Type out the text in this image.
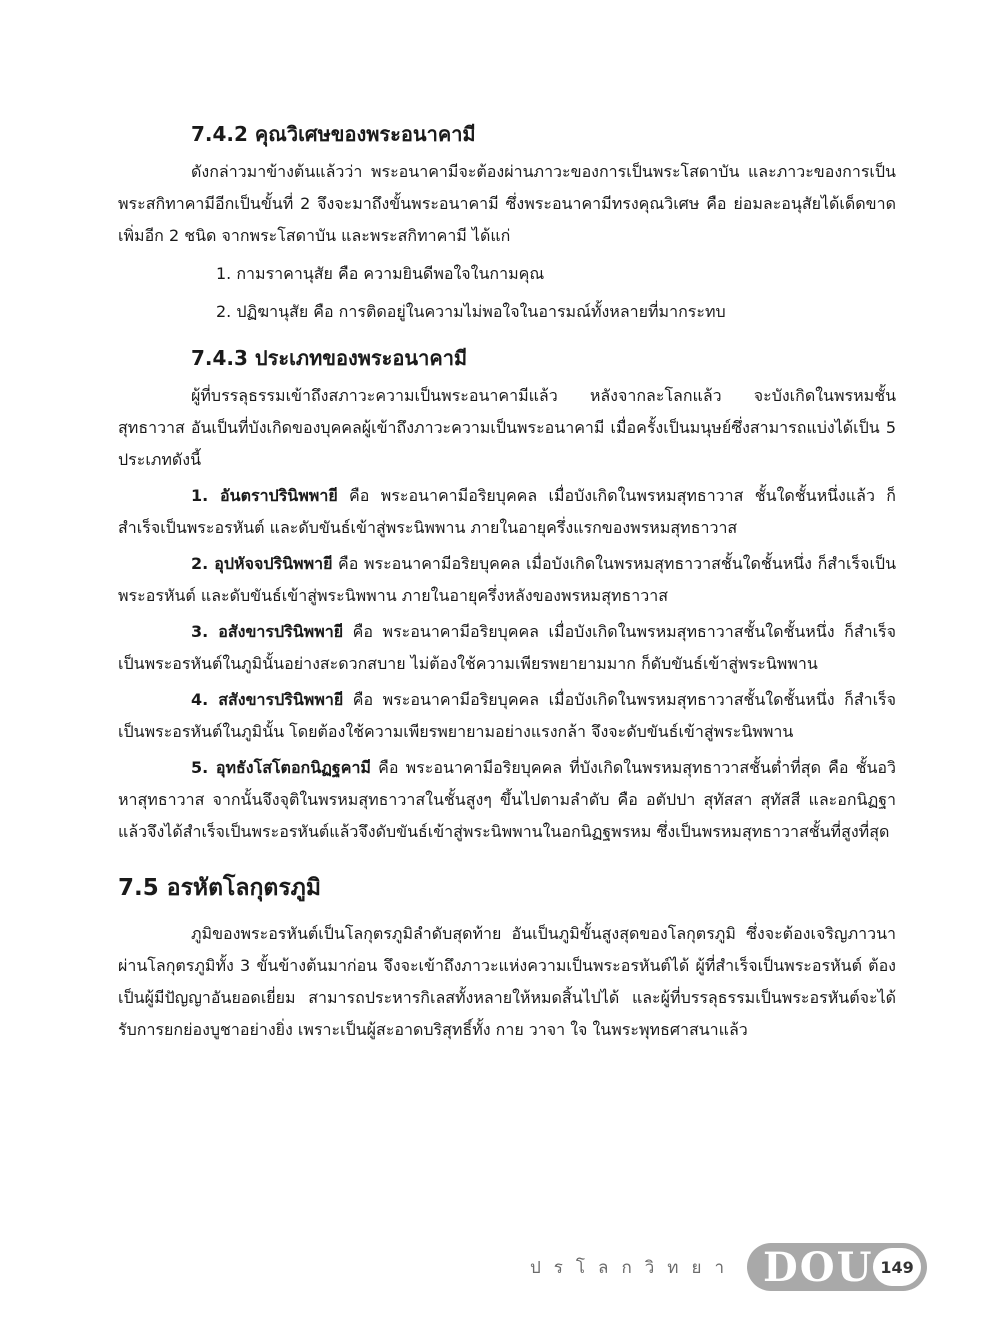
7.4.2 คุณวิเศษของพระอนาคามี

ดังกล่าวมาข้างต้นแล้วว่า พระอนาคามีจะต้องผ่านภาวะของการเป็นพระโสดาบัน และภาวะของการเป็นพระสกิทาคามีอีกเป็นขั้นที่ 2 จึงจะมาถึงขั้นพระอนาคามี ซึ่งพระอนาคามีทรงคุณวิเศษ คือ ย่อมละอนุสัยได้เด็ดขาดเพิ่มอีก 2 ชนิด จากพระโสดาบัน และพระสกิทาคามี ได้แก่

1. กามราคานุสัย คือ ความยินดีพอใจในกามคุณ

2. ปฏิฆานุสัย คือ การติดอยู่ในความไม่พอใจในอารมณ์ทั้งหลายที่มากระทบ

7.4.3 ประเภทของพระอนาคามี

ผู้ที่บรรลุธรรมเข้าถึงสภาวะความเป็นพระอนาคามีแล้ว หลังจากละโลกแล้ว จะบังเกิดในพรหมชั้นสุทธาวาส อันเป็นที่บังเกิดของบุคคลผู้เข้าถึงภาวะความเป็นพระอนาคามี เมื่อครั้งเป็นมนุษย์ซึ่งสามารถแบ่งได้เป็น 5 ประเภทดังนี้

1. อันตราปรินิพพายี คือ พระอนาคามีอริยบุคคล เมื่อบังเกิดในพรหมสุทธาวาส ชั้นใดชั้นหนึ่งแล้ว ก็สำเร็จเป็นพระอรหันต์ และดับขันธ์เข้าสู่พระนิพพาน ภายในอายุครึ่งแรกของพรหมสุทธาวาส

2. อุปหัจจปรินิพพายี คือ พระอนาคามีอริยบุคคล เมื่อบังเกิดในพรหมสุทธาวาสชั้นใดชั้นหนึ่ง ก็สำเร็จเป็นพระอรหันต์ และดับขันธ์เข้าสู่พระนิพพาน ภายในอายุครึ่งหลังของพรหมสุทธาวาส

3. อสังขารปรินิพพายี คือ พระอนาคามีอริยบุคคล เมื่อบังเกิดในพรหมสุทธาวาสชั้นใดชั้นหนึ่ง ก็สำเร็จเป็นพระอรหันต์ในภูมินั้นอย่างสะดวกสบาย ไม่ต้องใช้ความเพียรพยายามมาก ก็ดับขันธ์เข้าสู่พระนิพพาน

4. สสังขารปรินิพพายี คือ พระอนาคามีอริยบุคคล เมื่อบังเกิดในพรหมสุทธาวาสชั้นใดชั้นหนึ่ง ก็สำเร็จเป็นพระอรหันต์ในภูมินั้น โดยต้องใช้ความเพียรพยายามอย่างแรงกล้า จึงจะดับขันธ์เข้าสู่พระนิพพาน

5. อุทธังโสโตอกนิฏฐคามี คือ พระอนาคามีอริยบุคคล ที่บังเกิดในพรหมสุทธาวาสชั้นต่ำที่สุด คือ ชั้นอวิหาสุทธาวาส จากนั้นจึงจุติในพรหมสุทธาวาสในชั้นสูงๆ ขึ้นไปตามลำดับ คือ อตัปปา สุทัสสา สุทัสสี และอกนิฏฐา แล้วจึงได้สำเร็จเป็นพระอรหันต์แล้วจึงดับขันธ์เข้าสู่พระนิพพานในอกนิฏฐพรหม ซึ่งเป็นพรหมสุทธาวาสชั้นที่สูงที่สุด

7.5 อรหัตโลกุตรภูมิ

ภูมิของพระอรหันต์เป็นโลกุตรภูมิลำดับสุดท้าย อันเป็นภูมิขั้นสูงสุดของโลกุตรภูมิ ซึ่งจะต้องเจริญภาวนาผ่านโลกุตรภูมิทั้ง 3 ขั้นข้างต้นมาก่อน จึงจะเข้าถึงภาวะแห่งความเป็นพระอรหันต์ได้ ผู้ที่สำเร็จเป็นพระอรหันต์ ต้องเป็นผู้มีปัญญาอันยอดเยี่ยม สามารถประหารกิเลสทั้งหลายให้หมดสิ้นไปได้ และผู้ที่บรรลุธรรมเป็นพระอรหันต์จะได้รับการยกย่องบูชาอย่างยิ่ง เพราะเป็นผู้สะอาดบริสุทธิ์ทั้ง กาย วาจา ใจ ในพระพุทธศาสนาแล้ว

ปรโลกวิทยา DOU 149
